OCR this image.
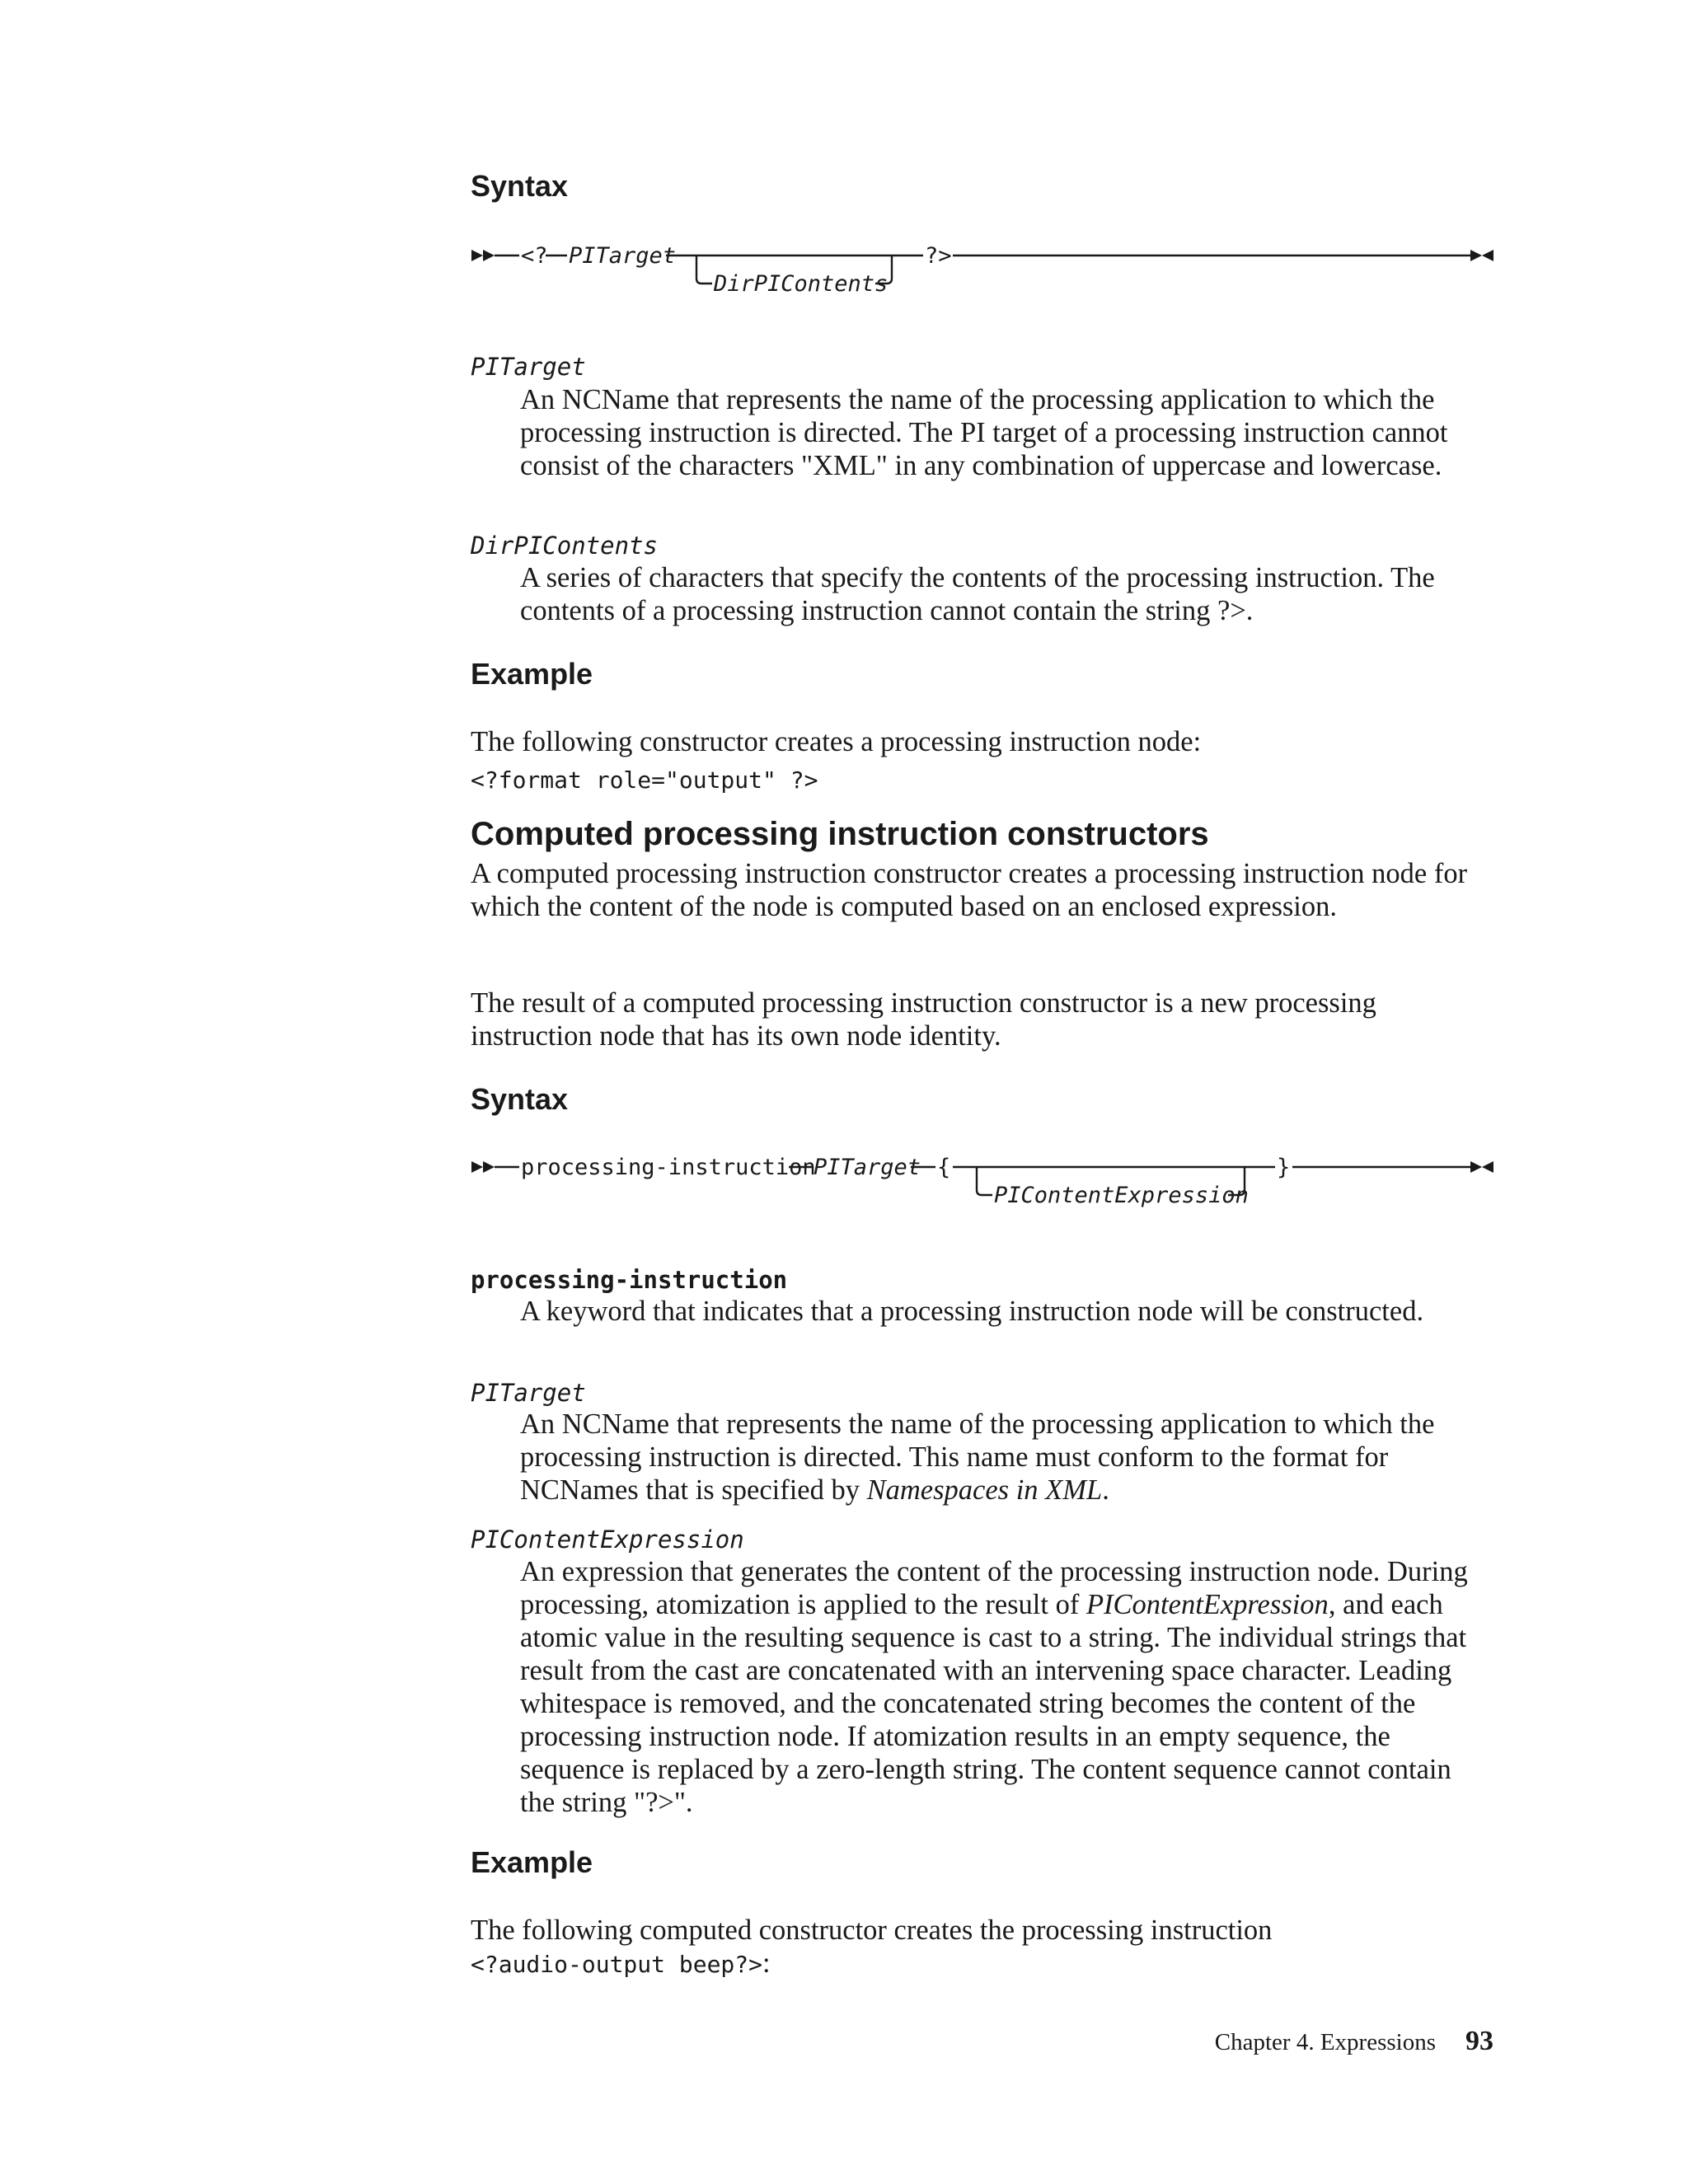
Syntax
<? PITarget
DirPIContents
?>
PITarget

An NCName that represents the name of the processing application to which the processing instruction is directed. The PI target of a processing instruction cannot consist of the characters "XML" in any combination of uppercase and lowercase.

DirPIContents

A series of characters that specify the contents of the processing instruction. The contents of a processing instruction cannot contain the string ?>.

Example

The following constructor creates a processing instruction node:

<?format role="output" ?>
Computed processing instruction constructors

A computed processing instruction constructor creates a processing instruction node for which the content of the node is computed based on an enclosed expression.

The result of a computed processing instruction constructor is a new processing instruction node that has its own node identity.

Syntax
processing-instruction
PITarget {
PIContentExpression
}
processing-instruction

A keyword that indicates that a processing instruction node will be constructed.

PITarget

An NCName that represents the name of the processing application to which the processing instruction is directed. This name must conform to the format for NCNames that is specified by Namespaces in XML.

PIContentExpression

An expression that generates the content of the processing instruction node. During processing, atomization is applied to the result of PIContentExpression, and each atomic value in the resulting sequence is cast to a string. The individual strings that result from the cast are concatenated with an intervening space character. Leading whitespace is removed, and the concatenated string becomes the content of the processing instruction node. If atomization results in an empty sequence, the sequence is replaced by a zero-length string. The content sequence cannot contain the string "?>".

Example

The following computed constructor creates the processing instruction
<?audio-output beep?>:

Chapter 4. Expressions 93
